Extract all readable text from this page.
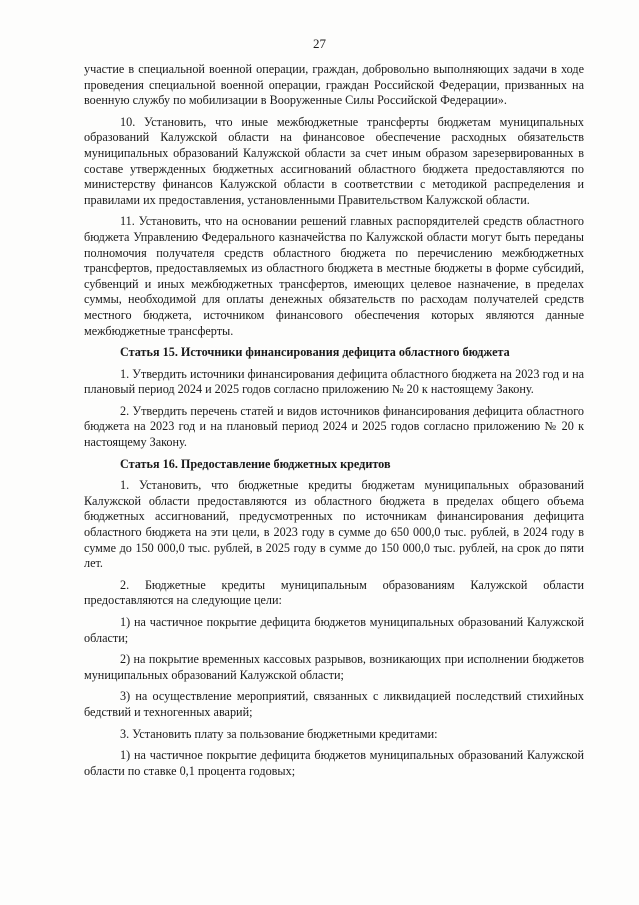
27

участие в специальной военной операции, граждан, добровольно выполняющих задачи в ходе проведения специальной военной операции, граждан Российской Федерации, призванных на военную службу по мобилизации в Вооруженные Силы Российской Федерации».

10. Установить, что иные межбюджетные трансферты бюджетам муниципальных образований Калужской области на финансовое обеспечение расходных обязательств муниципальных образований Калужской области за счет иным образом зарезервированных в составе утвержденных бюджетных ассигнований областного бюджета предоставляются по министерству финансов Калужской области в соответствии с методикой распределения и правилами их предоставления, установленными Правительством Калужской области.

11. Установить, что на основании решений главных распорядителей средств областного бюджета Управлению Федерального казначейства по Калужской области могут быть переданы полномочия получателя средств областного бюджета по перечислению межбюджетных трансфертов, предоставляемых из областного бюджета в местные бюджеты в форме субсидий, субвенций и иных межбюджетных трансфертов, имеющих целевое назначение, в пределах суммы, необходимой для оплаты денежных обязательств по расходам получателей средств местного бюджета, источником финансового обеспечения которых являются данные межбюджетные трансферты.

Статья 15. Источники финансирования дефицита областного бюджета

1. Утвердить источники финансирования дефицита областного бюджета на 2023 год и на плановый период 2024 и 2025 годов согласно приложению № 20 к настоящему Закону.

2. Утвердить перечень статей и видов источников финансирования дефицита областного бюджета на 2023 год и на плановый период 2024 и 2025 годов согласно приложению № 20 к настоящему Закону.

Статья 16. Предоставление бюджетных кредитов

1. Установить, что бюджетные кредиты бюджетам муниципальных образований Калужской области предоставляются из областного бюджета в пределах общего объема бюджетных ассигнований, предусмотренных по источникам финансирования дефицита областного бюджета на эти цели, в 2023 году в сумме до 650 000,0 тыс. рублей, в 2024 году в сумме до 150 000,0 тыс. рублей, в 2025 году в сумме до 150 000,0 тыс. рублей, на срок до пяти лет.

2. Бюджетные кредиты муниципальным образованиям Калужской области предоставляются на следующие цели:

1) на частичное покрытие дефицита бюджетов муниципальных образований Калужской области;

2) на покрытие временных кассовых разрывов, возникающих при исполнении бюджетов муниципальных образований Калужской области;

3) на осуществление мероприятий, связанных с ликвидацией последствий стихийных бедствий и техногенных аварий;

3. Установить плату за пользование бюджетными кредитами:

1) на частичное покрытие дефицита бюджетов муниципальных образований Калужской области по ставке 0,1 процента годовых;
